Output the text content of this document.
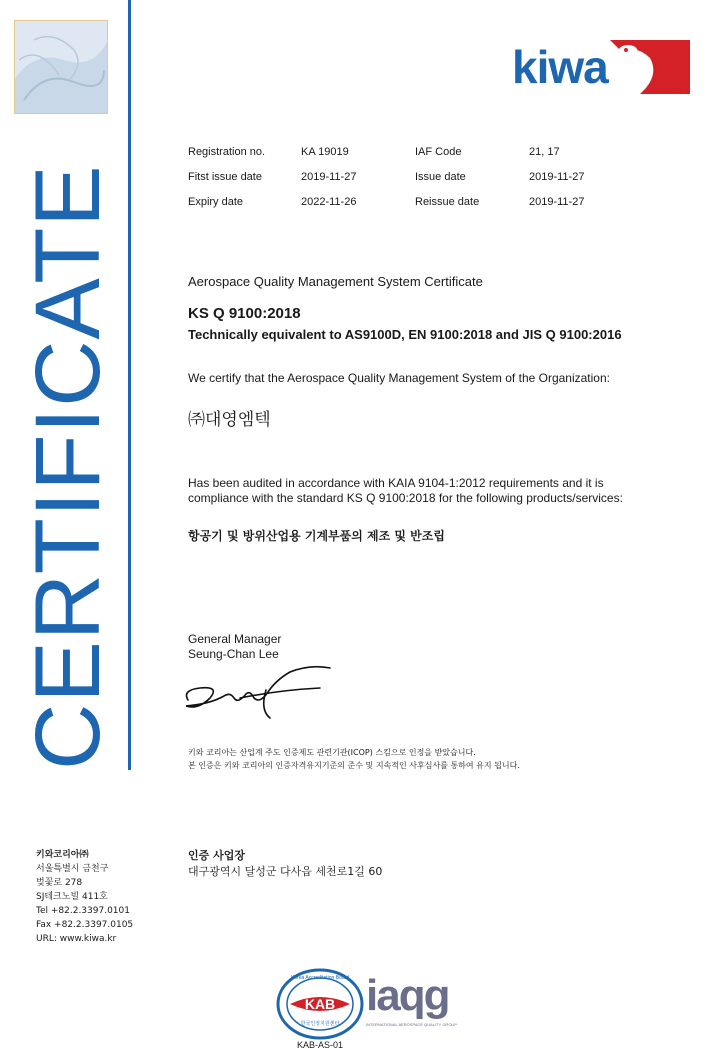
CERTIFICATE
kiwa
Registration no.	KA 19019	IAF Code	21, 17
Fitst issue date	2019-11-27	Issue date	2019-11-27
Expiry date	2022-11-26	Reissue date	2019-11-27
Aerospace Quality Management System Certificate
KS Q 9100:2018
Technically equivalent to AS9100D, EN 9100:2018 and JIS Q 9100:2016
We certify that the Aerospace Quality Management System of the Organization:
㈜대영엠텍
Has been audited in accordance with KAIA 9104-1:2012 requirements and it is
compliance with the standard KS Q 9100:2018 for the following products/services:
항공기 및 방위산업용 기계부품의 제조 및 반조립
General Manager
Seung-Chan Lee
키와 코리아는 산업계 주도 인증제도 관련기관(ICOP) 스킴으로 인정을 받았습니다.
본 인증은 키와 코리아의 인증자격유지기준의 준수 및 지속적인 사후심사를 통하여 유지 됩니다.
키와코리아㈜
서울특별시 금천구
벚꽃로 278
SJ테크노빌 411호
Tel +82.2.3397.0101
Fax +82.2.3397.0105
URL: www.kiwa.kr
인증 사업장
대구광역시 달성군 다사읍 세천로1길 60
Korea Accreditation Board
KAB
한국인정지원센터
KAB-AS-01
iaqg
INTERNATIONAL AEROSPACE QUALITY GROUP
